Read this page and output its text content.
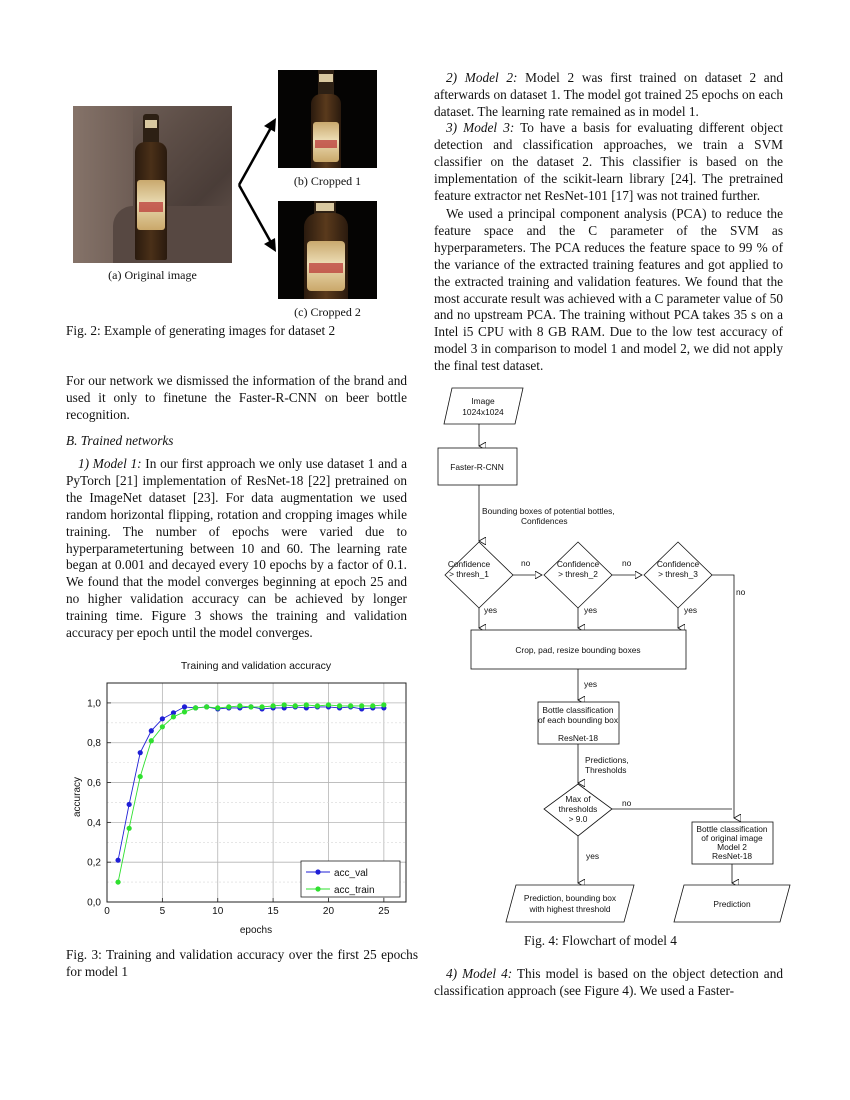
(a) Original image
(b) Cropped 1
(c) Cropped 2
Fig. 2: Example of generating images for dataset 2

For our network we dismissed the information of the brand and used it only to finetune the Faster-R-CNN on beer bottle recognition.

B. Trained networks

1) Model 1: In our first approach we only use dataset 1 and a PyTorch [21] implementation of ResNet-18 [22] pretrained on the ImageNet dataset [23]. For data augmentation we used random horizontal flipping, rotation and cropping images while training. The number of epochs were varied due to hyperparametertuning between 10 and 60. The learning rate began at 0.001 and decayed every 10 epochs by a factor of 0.1. We found that the model converges beginning at epoch 25 and no higher validation accuracy can be achieved by longer training time. Figure 3 shows the training and validation accuracy per epoch until the model converges.

Training and validation accuracy
0	5	10	15	20	25
0,0
0,2
0,4
0,6
0,8
1,0
epochs
accuracy
acc_val
acc_train
Fig. 3: Training and validation accuracy over the first 25 epochs for model 1

2) Model 2: Model 2 was first trained on dataset 2 and afterwards on dataset 1. The model got trained 25 epochs on each dataset. The learning rate remained as in model 1.

3) Model 3: To have a basis for evaluating different object detection and classification approaches, we train a SVM classifier on the dataset 2. This classifier is based on the implementation of the scikit-learn library [24]. The pretrained feature extractor net ResNet-101 [17] was not trained further.

We used a principal component analysis (PCA) to reduce the feature space and the C parameter of the SVM as hyperparameters. The PCA reduces the feature space to 99 % of the variance of the extracted training features and got applied to the extracted training and validation features. We found that the most accurate result was achieved with a C parameter value of 50 and no upstream PCA. The training without PCA takes 35 s on a Intel i5 CPU with 8 GB RAM. Due to the low test accuracy of model 3 in comparison to model 1 and model 2, we did not apply the final test dataset.

Image
1024x1024
Faster-R-CNN
Bounding boxes of potential bottles,
Confidences
Confidence
> thresh_1
Confidence
> thresh_2
Confidence
> thresh_3
no	no
no
yes	yes	yes
Crop, pad, resize bounding boxes
yes
Bottle classification
of each bounding box
ResNet-18
Predictions,
Thresholds
Max of
thresholds
> 9.0
no
yes
Bottle classification
of original image
Model 2
ResNet-18
Prediction, bounding box
with highest threshold	Prediction
Fig. 4: Flowchart of model 4

4) Model 4: This model is based on the object detection and classification approach (see Figure 4). We used a Faster-
